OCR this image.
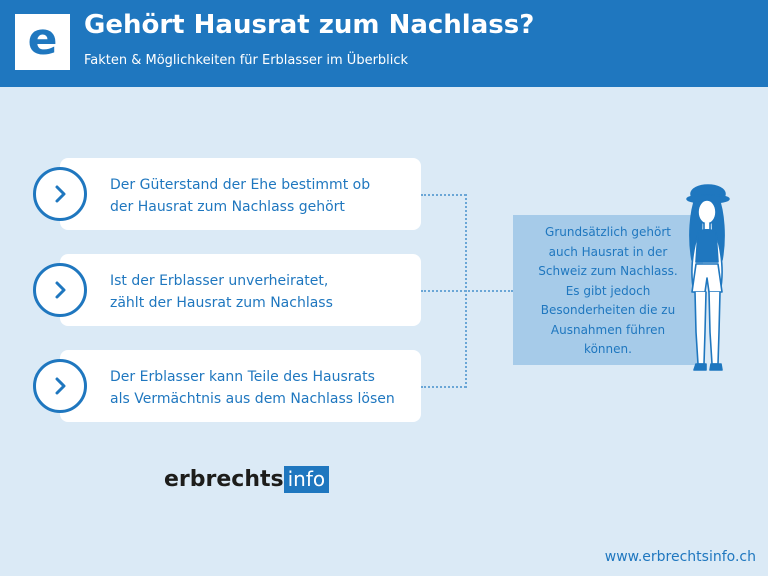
e	Gehört Hausrat zum Nachlass?
Fakten & Möglichkeiten für Erblasser im Überblick
Der Güterstand der Ehe bestimmt ob
der Hausrat zum Nachlass gehört
Ist der Erblasser unverheiratet,
zählt der Hausrat zum Nachlass
Der Erblasser kann Teile des Hausrats
als Vermächtnis aus dem Nachlass lösen
Grundsätzlich gehört
auch Hausrat in der
Schweiz zum Nachlass.
Es gibt jedoch
Besonderheiten die zu
Ausnahmen führen
können.
erbrechts info
www.erbrechtsinfo.ch
